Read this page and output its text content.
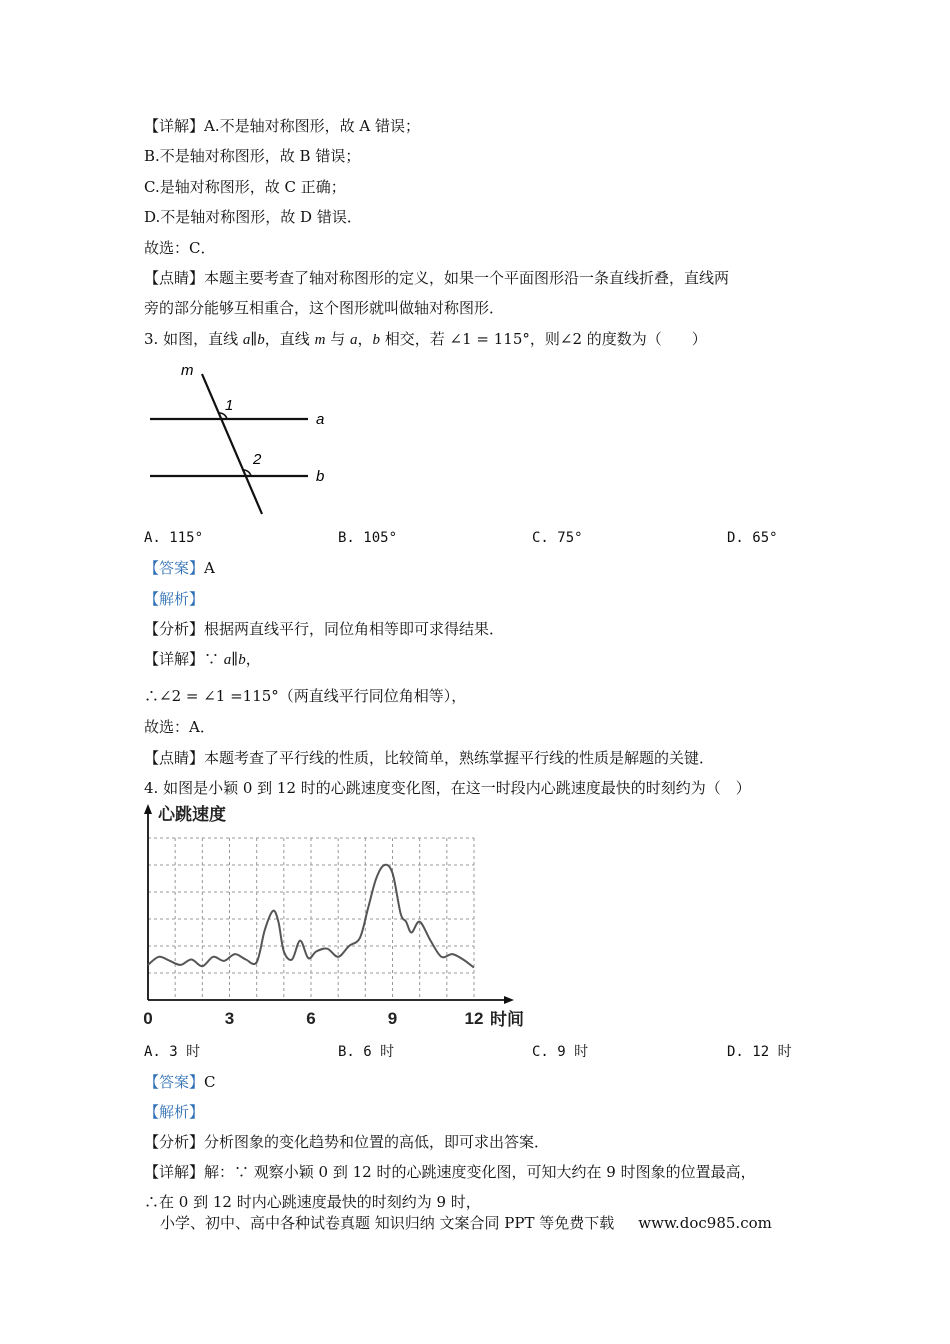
【详解】A.不是轴对称图形，故 A 错误；
B.不是轴对称图形，故 B 错误；
C.是轴对称图形，故 C 正确；
D.不是轴对称图形，故 D 错误．
故选：C．
【点睛】本题主要考查了轴对称图形的定义，如果一个平面图形沿一条直线折叠，直线两
旁的部分能够互相重合，这个图形就叫做轴对称图形．
3. 如图，直线 a∥b，直线 m 与 a，b 相交，若 ∠1 = 115°，则∠2 的度数为（　　）
m
1
2
a
b
A. 115°	B. 105°	C. 75°	D. 65°
【答案】A
【解析】
【分析】根据两直线平行，同位角相等即可求得结果．
【详解】∵ a∥b，
∴∠2 = ∠1 =115°（两直线平行同位角相等），
故选：A．
【点睛】本题考查了平行线的性质，比较简单，熟练掌握平行线的性质是解题的关键．
4. 如图是小颖 0 到 12 时的心跳速度变化图，在这一时段内心跳速度最快的时刻约为（　）
心跳速度
时间
0	3	6	9	12
A. 3 时	B. 6 时	C. 9 时	D. 12 时
【答案】C
【解析】
【分析】分析图象的变化趋势和位置的高低，即可求出答案．
【详解】解：∵ 观察小颖 0 到 12 时的心跳速度变化图，可知大约在 9 时图象的位置最高，
∴在 0 到 12 时内心跳速度最快的时刻约为 9 时，
小学、初中、高中各种试卷真题 知识归纳 文案合同 PPT 等免费下载 www.doc985.com
